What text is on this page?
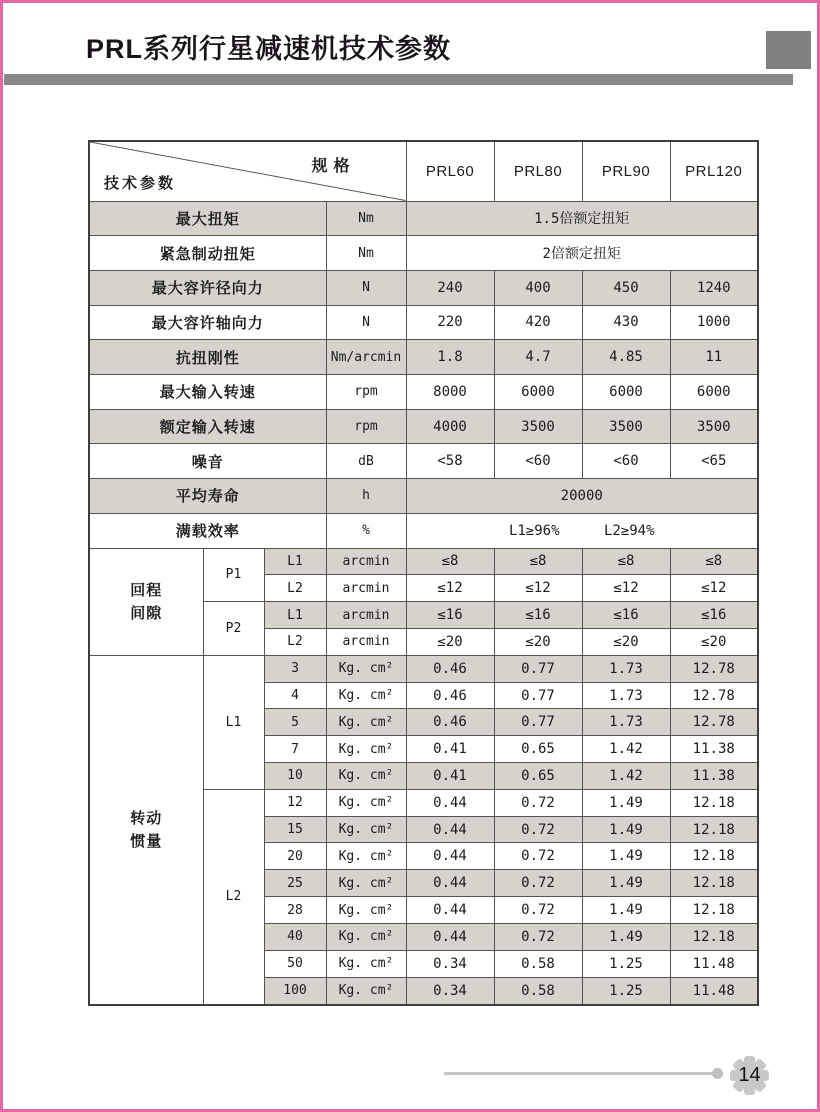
PRL系列行星减速机技术参数
规格
技术参数				PRL60	PRL80	PRL90	PRL120
最大扭矩			Nm	1.5倍额定扭矩			
紧急制动扭矩			Nm	2倍额定扭矩			
最大容许径向力			N	240	400	450	1240
最大容许轴向力			N	220	420	430	1000
抗扭刚性			Nm/arcmin	1.8	4.7	4.85	11
最大输入转速			rpm	8000	6000	6000	6000
额定输入转速			rpm	4000	3500	3500	3500
噪音			dB	<58	<60	<60	<65
平均寿命			h	20000			
满载效率			%	L1≥96% L2≥94%			

回程
间隙	P1	L1	arcmin	≤8	≤8	≤8	≤8
		L2	arcmin	≤12	≤12	≤12	≤12
	P2	L1	arcmin	≤16	≤16	≤16	≤16
		L2	arcmin	≤20	≤20	≤20	≤20

转动
惯量	L1	3	Kg. cm²	0.46	0.77	1.73	12.78
		4	Kg. cm²	0.46	0.77	1.73	12.78
		5	Kg. cm²	0.46	0.77	1.73	12.78
		7	Kg. cm²	0.41	0.65	1.42	11.38
		10	Kg. cm²	0.41	0.65	1.42	11.38
	L2	12	Kg. cm²	0.44	0.72	1.49	12.18
		15	Kg. cm²	0.44	0.72	1.49	12.18
		20	Kg. cm²	0.44	0.72	1.49	12.18
		25	Kg. cm²	0.44	0.72	1.49	12.18
		28	Kg. cm²	0.44	0.72	1.49	12.18
		40	Kg. cm²	0.44	0.72	1.49	12.18
		50	Kg. cm²	0.34	0.58	1.25	11.48
		100	Kg. cm²	0.34	0.58	1.25	11.48
14
